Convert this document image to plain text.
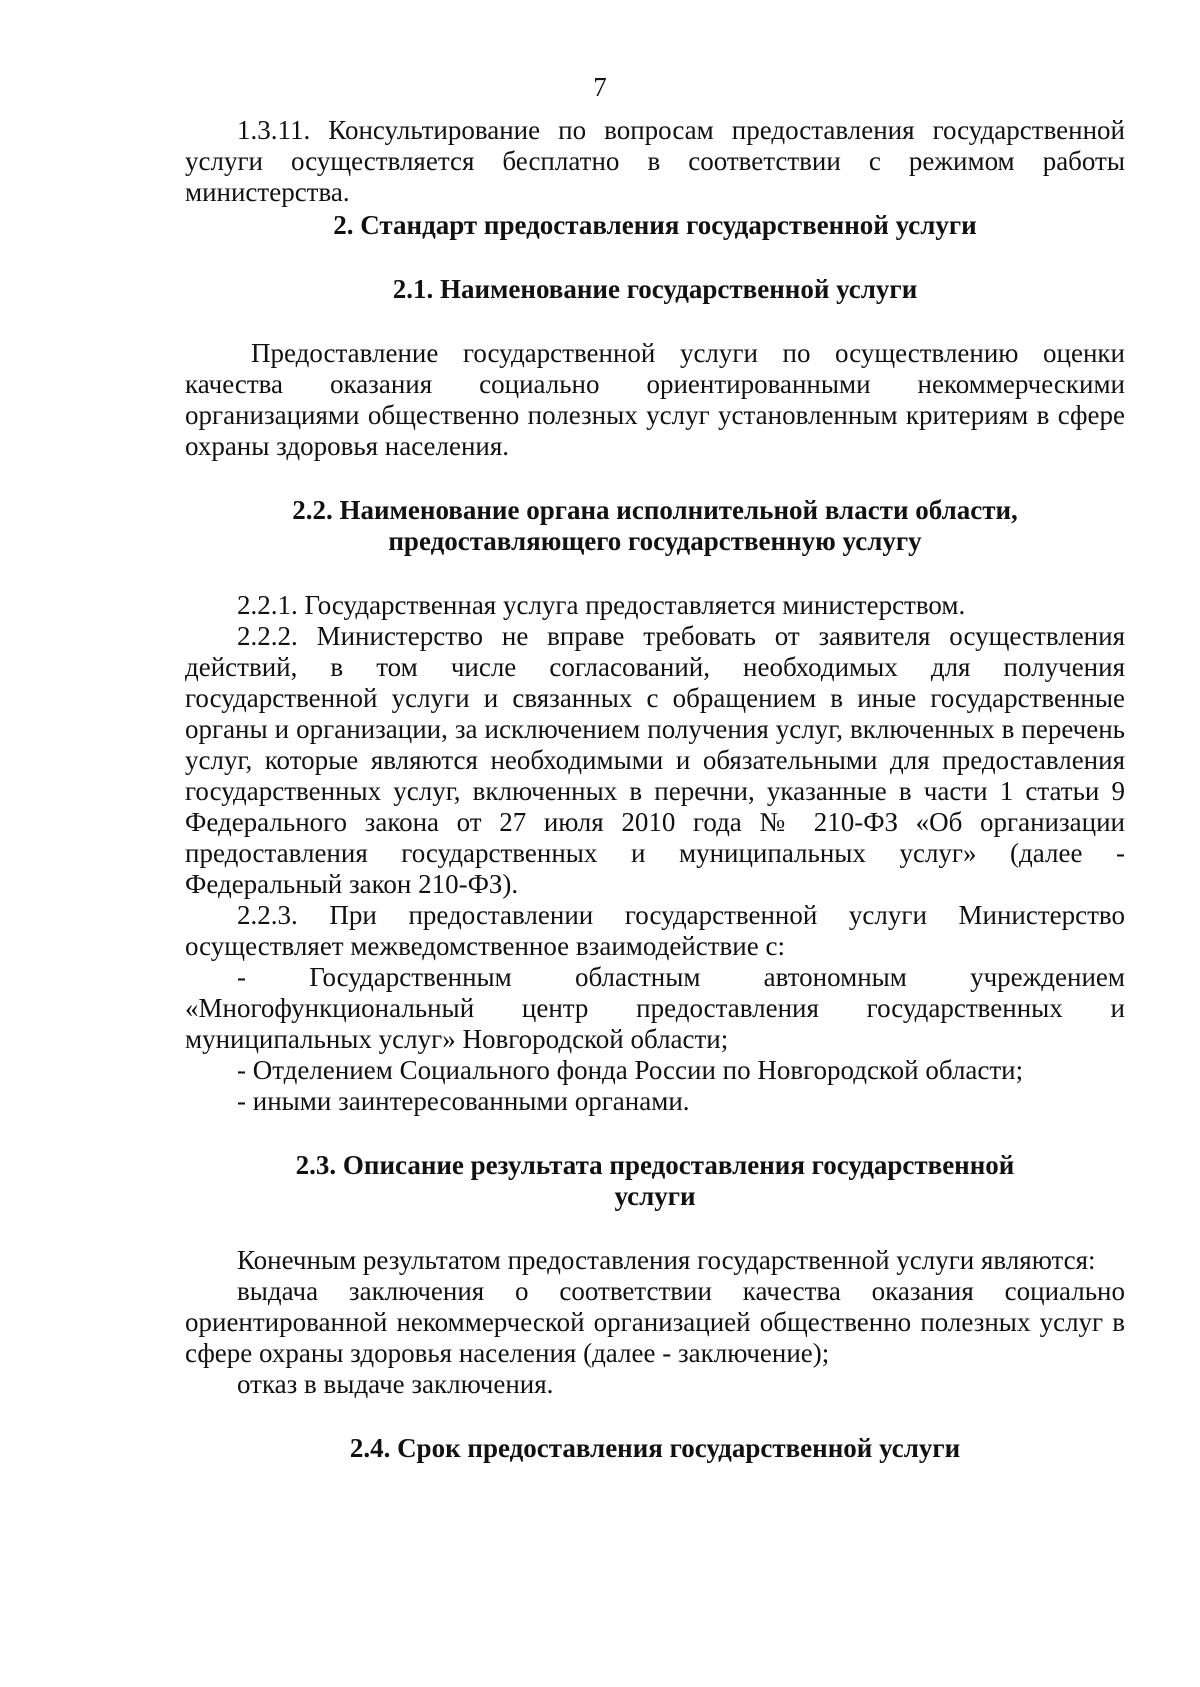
7

1.3.11. Консультирование по вопросам предоставления государственной услуги осуществляется бесплатно в соответствии с режимом работы министерства.

2. Стандарт предоставления государственной услуги
2.1. Наименование государственной услуги

Предоставление государственной услуги по осуществлению оценки качества оказания социально ориентированными некоммерческими организациями общественно полезных услуг установленным критериям в сфере охраны здоровья населения.

2.2. Наименование органа исполнительной власти области,
предоставляющего государственную услугу

2.2.1. Государственная услуга предоставляется министерством.

2.2.2. Министерство не вправе требовать от заявителя осуществления действий, в том числе согласований, необходимых для получения государственной услуги и связанных с обращением в иные государственные органы и организации, за исключением получения услуг, включенных в перечень услуг, которые являются необходимыми и обязательными для предоставления государственных услуг, включенных в перечни, указанные в части 1 статьи 9 Федерального закона от 27 июля 2010 года № 210-ФЗ «Об организации предоставления государственных и муниципальных услуг» (далее - Федеральный закон 210-ФЗ).

2.2.3. При предоставлении государственной услуги Министерство осуществляет межведомственное взаимодействие с:

- Государственным областным автономным учреждением «Многофункциональный центр предоставления государственных и муниципальных услуг» Новгородской области;

- Отделением Социального фонда России по Новгородской области;

- иными заинтересованными органами.

2.3. Описание результата предоставления государственной
услуги

Конечным результатом предоставления государственной услуги являются:

выдача заключения о соответствии качества оказания социально ориентированной некоммерческой организацией общественно полезных услуг в сфере охраны здоровья населения (далее - заключение);

отказ в выдаче заключения.

2.4. Срок предоставления государственной услуги
